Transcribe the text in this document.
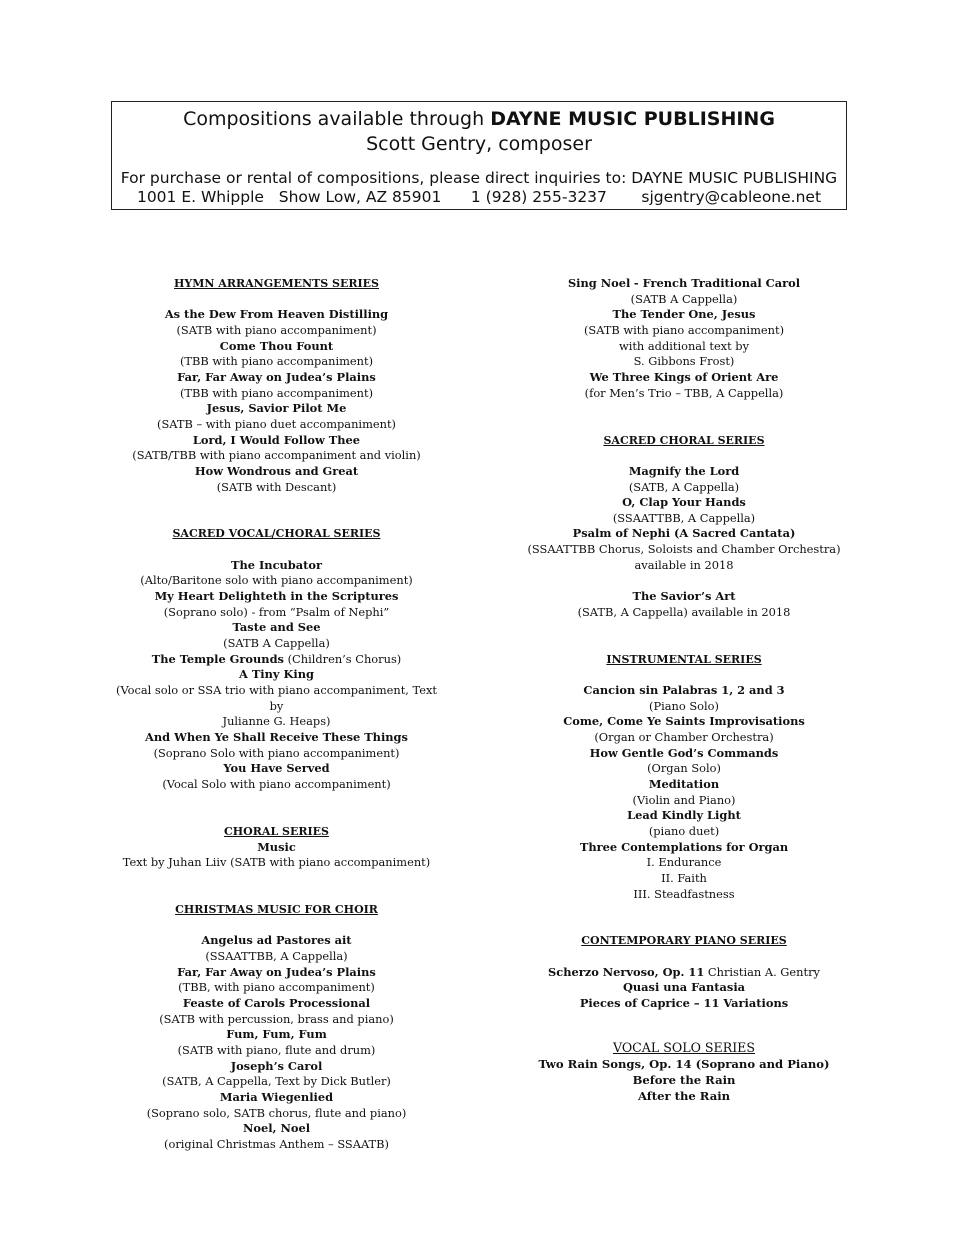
Compositions available through DAYNE MUSIC PUBLISHING
Scott Gentry, composer
For purchase or rental of compositions, please direct inquiries to: DAYNE MUSIC PUBLISHING
1001 E. Whipple Show Low, AZ 85901 1 (928) 255-3237 sjgentry@cableone.net
HYMN ARRANGEMENTS SERIES
As the Dew From Heaven Distilling
(SATB with piano accompaniment)
Come Thou Fount
(TBB with piano accompaniment)
Far, Far Away on Judea’s Plains
(TBB with piano accompaniment)
Jesus, Savior Pilot Me
(SATB – with piano duet accompaniment)
Lord, I Would Follow Thee
(SATB/TBB with piano accompaniment and violin)
How Wondrous and Great
(SATB with Descant)
SACRED VOCAL/CHORAL SERIES
The Incubator
(Alto/Baritone solo with piano accompaniment)
My Heart Delighteth in the Scriptures
(Soprano solo) - from “Psalm of Nephi”
Taste and See
(SATB A Cappella)
The Temple Grounds (Children’s Chorus)
A Tiny King
(Vocal solo or SSA trio with piano accompaniment, Text by
Julianne G. Heaps)
And When Ye Shall Receive These Things
(Soprano Solo with piano accompaniment)
You Have Served
(Vocal Solo with piano accompaniment)
CHORAL SERIES
Music
Text by Juhan Liiv (SATB with piano accompaniment)
CHRISTMAS MUSIC FOR CHOIR
Angelus ad Pastores ait
(SSAATTBB, A Cappella)
Far, Far Away on Judea’s Plains
(TBB, with piano accompaniment)
Feaste of Carols Processional
(SATB with percussion, brass and piano)
Fum, Fum, Fum
(SATB with piano, flute and drum)
Joseph’s Carol
(SATB, A Cappella, Text by Dick Butler)
Maria Wiegenlied
(Soprano solo, SATB chorus, flute and piano)
Noel, Noel
(original Christmas Anthem – SSAATB)
Sing Noel - French Traditional Carol
(SATB A Cappella)
The Tender One, Jesus
(SATB with piano accompaniment)
with additional text by
S. Gibbons Frost)
We Three Kings of Orient Are
(for Men’s Trio – TBB, A Cappella)
SACRED CHORAL SERIES
Magnify the Lord
(SATB, A Cappella)
O, Clap Your Hands
(SSAATTBB, A Cappella)
Psalm of Nephi (A Sacred Cantata)
(SSAATTBB Chorus, Soloists and Chamber Orchestra)
available in 2018
The Savior’s Art
(SATB, A Cappella) available in 2018
INSTRUMENTAL SERIES
Cancion sin Palabras 1, 2 and 3
(Piano Solo)
Come, Come Ye Saints Improvisations
(Organ or Chamber Orchestra)
How Gentle God’s Commands
(Organ Solo)
Meditation
(Violin and Piano)
Lead Kindly Light
(piano duet)
Three Contemplations for Organ
I. Endurance
II. Faith
III. Steadfastness
CONTEMPORARY PIANO SERIES
Scherzo Nervoso, Op. 11 Christian A. Gentry
Quasi una Fantasia
Pieces of Caprice – 11 Variations
VOCAL SOLO SERIES
Two Rain Songs, Op. 14 (Soprano and Piano)
Before the Rain
After the Rain
